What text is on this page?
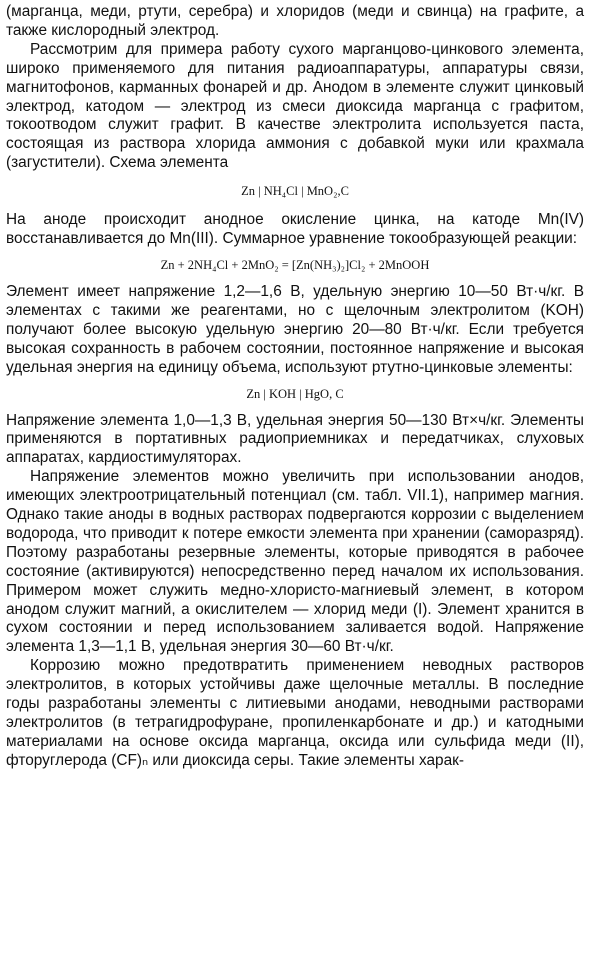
(марганца, меди, ртути, серебра) и хлоридов (меди и свинца) на графите, а также кислородный электрод.

Рассмотрим для примера работу сухого марганцово-цинкового элемента, широко применяемого для питания радиоаппаратуры, аппаратуры связи, магнитофонов, карманных фонарей и др. Анодом в элементе служит цинковый электрод, катодом — электрод из смеси диоксида марганца с графитом, токоотводом служит графит. В качестве электролита используется паста, состоящая из раствора хлорида аммония с добавкой муки или крахмала (загустители). Схема элемента

Zn | NH₄Cl | MnO₂,C

На аноде происходит анодное окисление цинка, на катоде Mn(IV) восстанавливается до Mn(III). Суммарное уравнение токообразующей реакции:

Zn + 2NH₄Cl + 2MnO₂ = [Zn(NH₃)₂]Cl₂ + 2MnOOH

Элемент имеет напряжение 1,2—1,6 В, удельную энергию 10—50 Вт·ч/кг. В элементах с такими же реагентами, но с щелочным электролитом (KOH) получают более высокую удельную энергию 20—80 Вт·ч/кг. Если требуется высокая сохранность в рабочем состоянии, постоянное напряжение и высокая удельная энергия на единицу объема, используют ртутно-цинковые элементы:

Zn | KOH | HgO, C

Напряжение элемента 1,0—1,3 В, удельная энергия 50—130 Вт×ч/кг. Элементы применяются в портативных радиоприемниках и передатчиках, слуховых аппаратах, кардиостимуляторах.

Напряжение элементов можно увеличить при использовании анодов, имеющих электроотрицательный потенциал (см. табл. VII.1), например магния. Однако такие аноды в водных растворах подвергаются коррозии с выделением водорода, что приводит к потере емкости элемента при хранении (саморазряд). Поэтому разработаны резервные элементы, которые приводятся в рабочее состояние (активируются) непосредственно перед началом их использования. Примером может служить медно-хлористо-магниевый элемент, в котором анодом служит магний, а окислителем — хлорид меди (I). Элемент хранится в сухом состоянии и перед использованием заливается водой. Напряжение элемента 1,3—1,1 В, удельная энергия 30—60 Вт·ч/кг.

Коррозию можно предотвратить применением неводных растворов электролитов, в которых устойчивы даже щелочные металлы. В последние годы разработаны элементы с литиевыми анодами, неводными растворами электролитов (в тетрагидрофуране, пропиленкарбонате и др.) и катодными материалами на основе оксида марганца, оксида или сульфида меди (II), фторуглерода (CF)ₙ или диоксида серы. Такие элементы харак-
